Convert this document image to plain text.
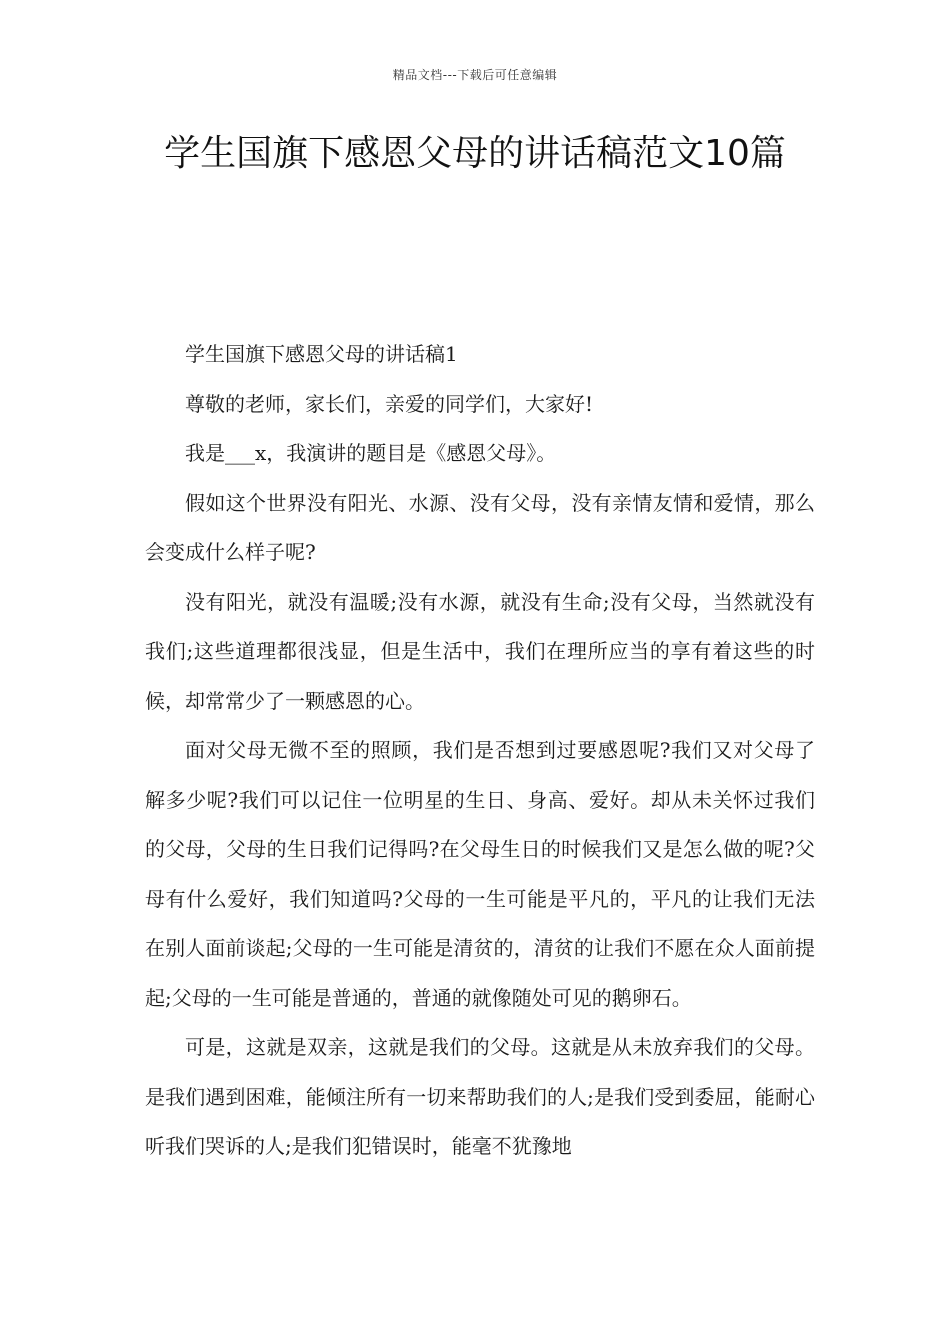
精品文档---下载后可任意编辑
学生国旗下感恩父母的讲话稿范文10篇

学生国旗下感恩父母的讲话稿1

尊敬的老师，家长们，亲爱的同学们，大家好!

我是___x，我演讲的题目是《感恩父母》。

假如这个世界没有阳光、水源、没有父母，没有亲情友情和爱情，那么会变成什么样子呢?

没有阳光，就没有温暖;没有水源，就没有生命;没有父母，当然就没有我们;这些道理都很浅显，但是生活中，我们在理所应当的享有着这些的时候，却常常少了一颗感恩的心。

面对父母无微不至的照顾，我们是否想到过要感恩呢?我们又对父母了解多少呢?我们可以记住一位明星的生日、身高、爱好。却从未关怀过我们的父母，父母的生日我们记得吗?在父母生日的时候我们又是怎么做的呢?父母有什么爱好，我们知道吗?父母的一生可能是平凡的，平凡的让我们无法在别人面前谈起;父母的一生可能是清贫的，清贫的让我们不愿在众人面前提起;父母的一生可能是普通的，普通的就像随处可见的鹅卵石。

可是，这就是双亲，这就是我们的父母。这就是从未放弃我们的父母。是我们遇到困难，能倾注所有一切来帮助我们的人;是我们受到委屈，能耐心听我们哭诉的人;是我们犯错误时，能毫不犹豫地
